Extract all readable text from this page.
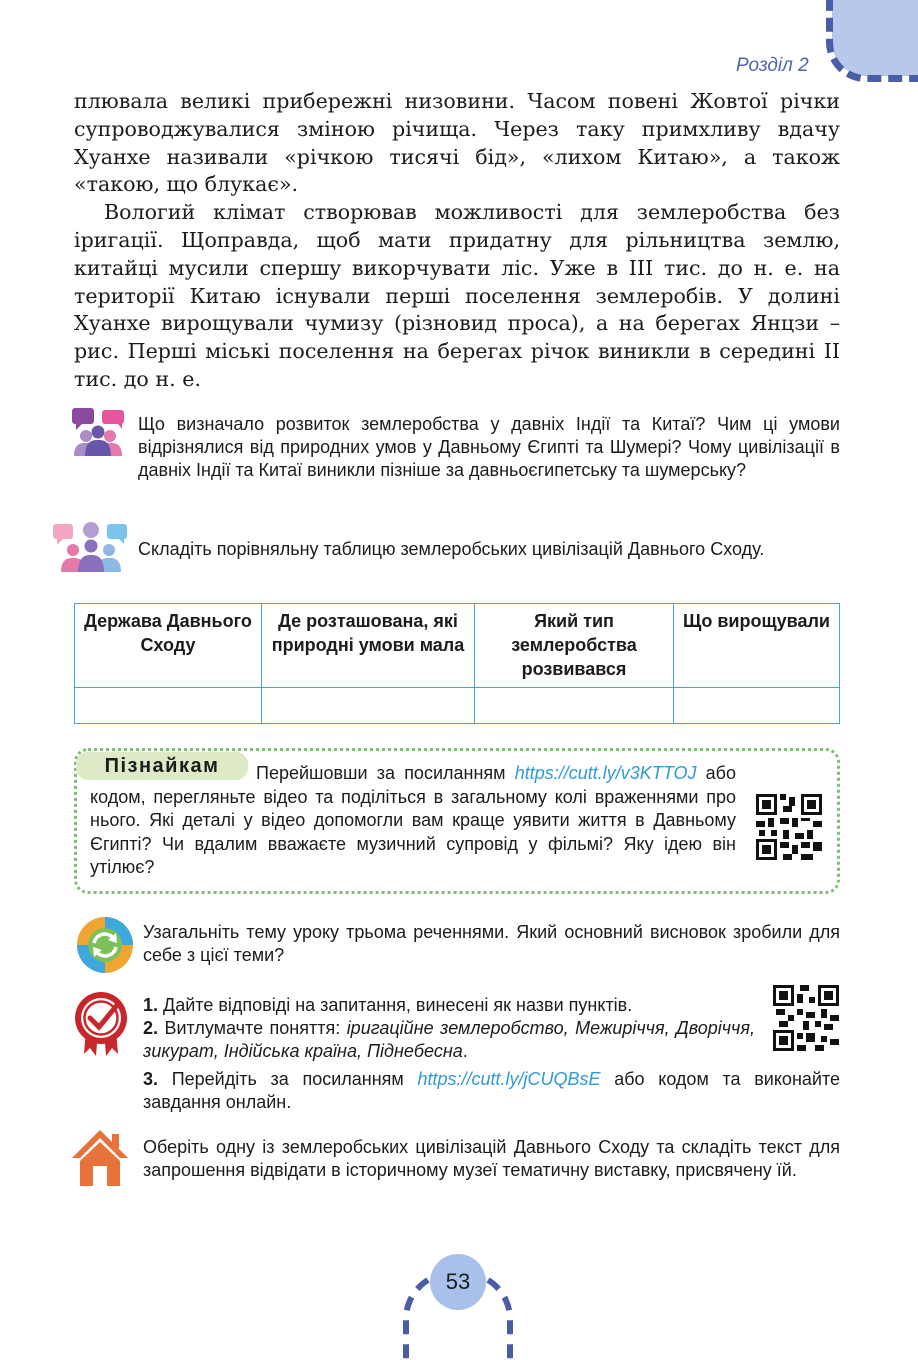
Розділ 2

плювала великі прибережні низовини. Часом повені Жовтої річки супроводжувалися зміною річища. Через таку примхливу вдачу Хуанхе називали «річкою тисячі бід», «лихом Китаю», а також «такою, що блукає».

Вологий клімат створював можливості для землеробства без іригації. Щоправда, щоб мати придатну для рільництва землю, китайці мусили спершу викорчувати ліс. Уже в ІІІ тис. до н. е. на території Китаю існували перші поселення землеробів. У долині Хуанхе вирощували чумизу (різновид проса), а на берегах Янцзи – рис. Перші міські поселення на берегах річок виникли в середині ІІ тис. до н. е.

Що визначало розвиток землеробства у давніх Індії та Китаї? Чим ці умови відрізнялися від природних умов у Давньому Єгипті та Шумері? Чому цивілізації в давніх Індії та Китаї виникли пізніше за давньоєгипетську та шумерську?
Складіть порівняльну таблицю землеробських цивілізацій Давнього Сходу.
Держава Давнього Сходу	Де розташована, які природні умови мала	Який тип землеробства розвивався	Що вирощували

Пізнайкам	Перейшовши за посиланням https://cutt.ly/v3KTTOJ або кодом, перегляньте відео та поділіться в загальному колі враженнями про нього. Які деталі у відео допомогли вам краще уявити життя в Давньому Єгипті? Чи вдалим вважаєте музичний супровід у фільмі? Яку ідею він утілює?
Узагальніть тему уроку трьома реченнями. Який основний висновок зробили для себе з цієї теми?
1. Дайте відповіді на запитання, винесені як назви пунктів.
2. Витлумачте поняття: іригаційне землеробство, Межиріччя, Дворіччя, зикурат, Індійська країна, Піднебесна.
3. Перейдіть за посиланням https://cutt.ly/jCUQBsE або кодом та виконайте завдання онлайн.
Оберіть одну із землеробських цивілізацій Давнього Сходу та складіть текст для запрошення відвідати в історичному музеї тематичну виставку, присвячену їй.
53
